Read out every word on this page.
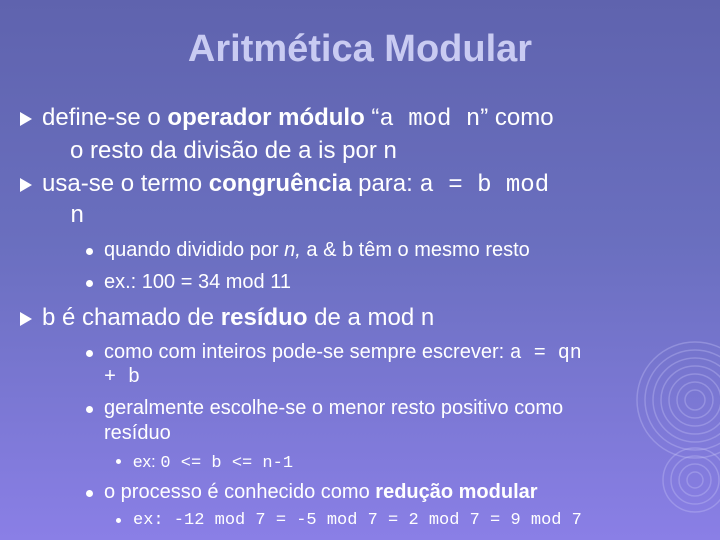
Aritmética Modular
define-se o operador módulo “a mod n” como
o resto da divisão de a is por n
usa-se o termo congruência para: a = b mod
n
quando dividido por n, a & b têm o mesmo resto
ex.: 100 = 34 mod 11
b é chamado de resíduo de a mod n
como com inteiros pode-se sempre escrever: a = qn
+ b
geralmente escolhe-se o menor resto positivo como
resíduo
ex: 0 <= b <= n-1
o processo é conhecido como redução modular
ex: -12 mod 7 = -5 mod 7 = 2 mod 7 = 9 mod 7
